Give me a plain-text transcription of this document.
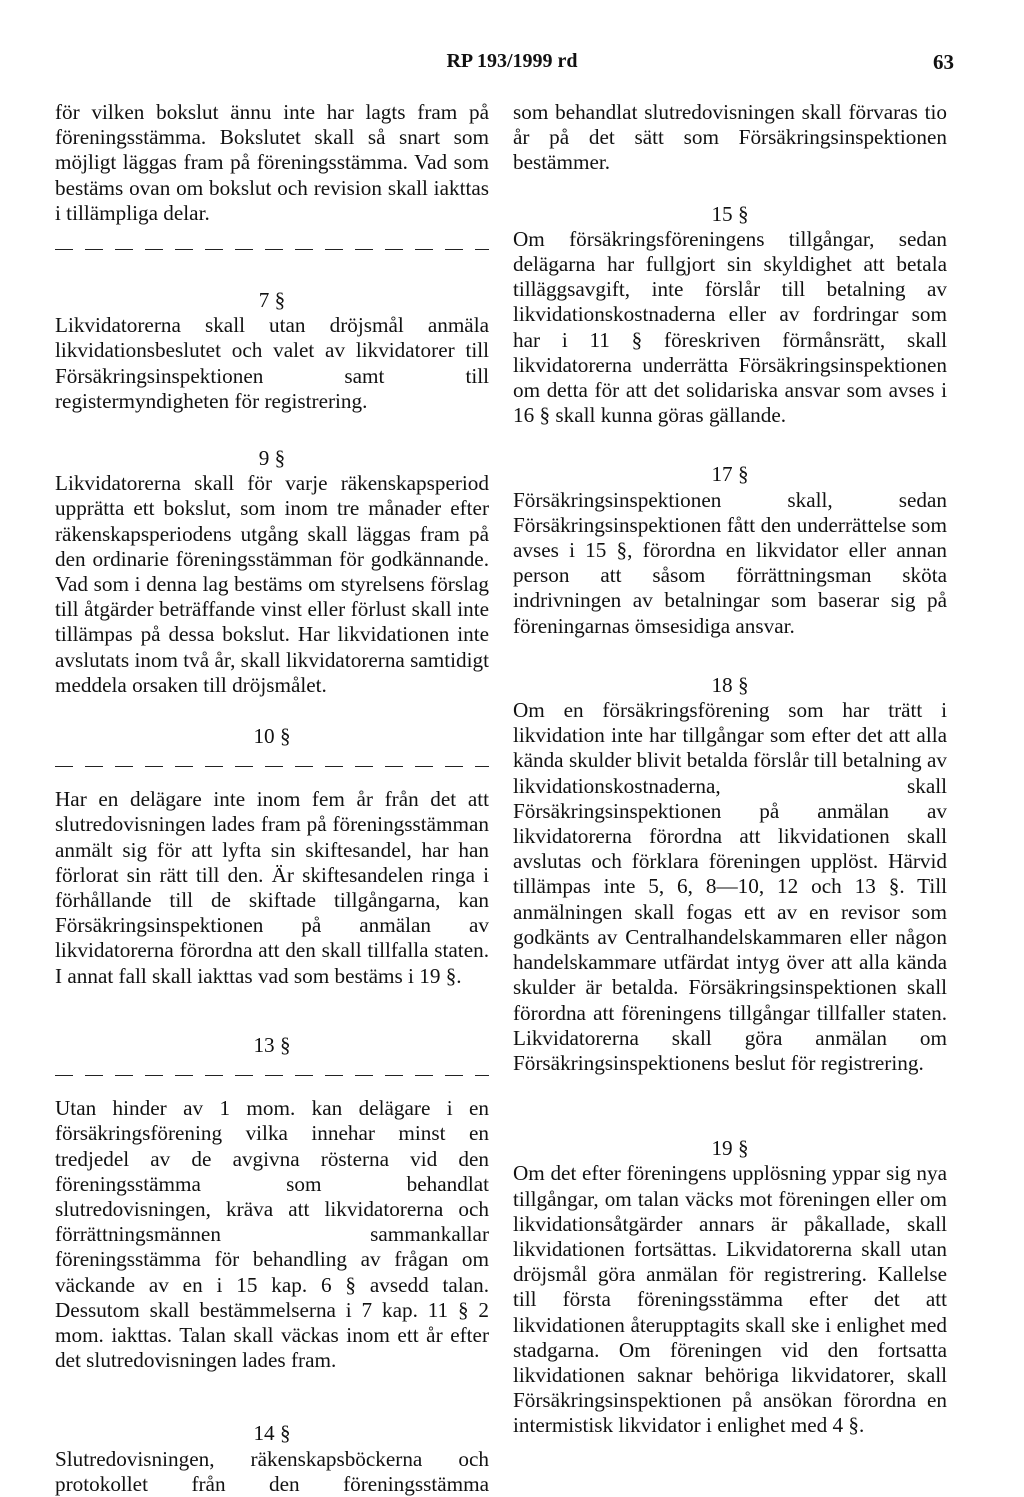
RP 193/1999 rd	63

för vilken bokslut ännu inte har lagts fram på föreningsstämma. Bokslutet skall så snart som möjligt läggas fram på föreningsstämma. Vad som bestäms ovan om bokslut och revision skall iakttas i tillämpliga delar.

7 §

Likvidatorerna skall utan dröjsmål anmäla likvidationsbeslutet och valet av likvidatorer till Försäkringsinspektionen samt till registermyndigheten för registrering.

9 §

Likvidatorerna skall för varje räkenskapsperiod upprätta ett bokslut, som inom tre månader efter räkenskapsperiodens utgång skall läggas fram på den ordinarie föreningsstämman för godkännande. Vad som i denna lag bestäms om styrelsens förslag till åtgärder beträffande vinst eller förlust skall inte tillämpas på dessa bokslut. Har likvidationen inte avslutats inom två år, skall likvidatorerna samtidigt meddela orsaken till dröjsmålet.

10 §

Har en delägare inte inom fem år från det att slutredovisningen lades fram på föreningsstämman anmält sig för att lyfta sin skiftesandel, har han förlorat sin rätt till den. Är skiftesandelen ringa i förhållande till de skiftade tillgångarna, kan Försäkringsinspektionen på anmälan av likvidatorerna förordna att den skall tillfalla staten. I annat fall skall iakttas vad som bestäms i 19 §.

13 §

Utan hinder av 1 mom. kan delägare i en försäkringsförening vilka innehar minst en tredjedel av de avgivna rösterna vid den föreningsstämma som behandlat slutredovisningen, kräva att likvidatorerna och förrättningsmännen sammankallar föreningsstämma för behandling av frågan om väckande av en i 15 kap. 6 § avsedd talan. Dessutom skall bestämmelserna i 7 kap. 11 § 2 mom. iakttas. Talan skall väckas inom ett år efter det slutredovisningen lades fram.

14 §

Slutredovisningen, räkenskapsböckerna och protokollet från den föreningsstämma

som behandlat slutredovisningen skall förvaras tio år på det sätt som Försäkringsinspektionen bestämmer.

15 §

Om försäkringsföreningens tillgångar, sedan delägarna har fullgjort sin skyldighet att betala tilläggsavgift, inte förslår till betalning av likvidationskostnaderna eller av fordringar som har i 11 § föreskriven förmånsrätt, skall likvidatorerna underrätta Försäkringsinspektionen om detta för att det solidariska ansvar som avses i 16 § skall kunna göras gällande.

17 §

Försäkringsinspektionen skall, sedan Försäkringsinspektionen fått den underrättelse som avses i 15 §, förordna en likvidator eller annan person att såsom förrättningsman sköta indrivningen av betalningar som baserar sig på föreningarnas ömsesidiga ansvar.

18 §

Om en försäkringsförening som har trätt i likvidation inte har tillgångar som efter det att alla kända skulder blivit betalda förslår till betalning av likvidationskostnaderna, skall Försäkringsinspektionen på anmälan av likvidatorerna förordna att likvidationen skall avslutas och förklara föreningen upplöst. Härvid tillämpas inte 5, 6, 8—10, 12 och 13 §. Till anmälningen skall fogas ett av en revisor som godkänts av Centralhandelskammaren eller någon handelskammare utfärdat intyg över att alla kända skulder är betalda. Försäkringsinspektionen skall förordna att föreningens tillgångar tillfaller staten. Likvidatorerna skall göra anmälan om Försäkringsinspektionens beslut för registrering.

19 §

Om det efter föreningens upplösning yppar sig nya tillgångar, om talan väcks mot föreningen eller om likvidationsåtgärder annars är påkallade, skall likvidationen fortsättas. Likvidatorerna skall utan dröjsmål göra anmälan för registrering. Kallelse till första föreningsstämma efter det att likvidationen återupptagits skall ske i enlighet med stadgarna. Om föreningen vid den fortsatta likvidationen saknar behöriga likvidatorer, skall Försäkringsinspektionen på ansökan förordna en intermistisk likvidator i enlighet med 4 §.
